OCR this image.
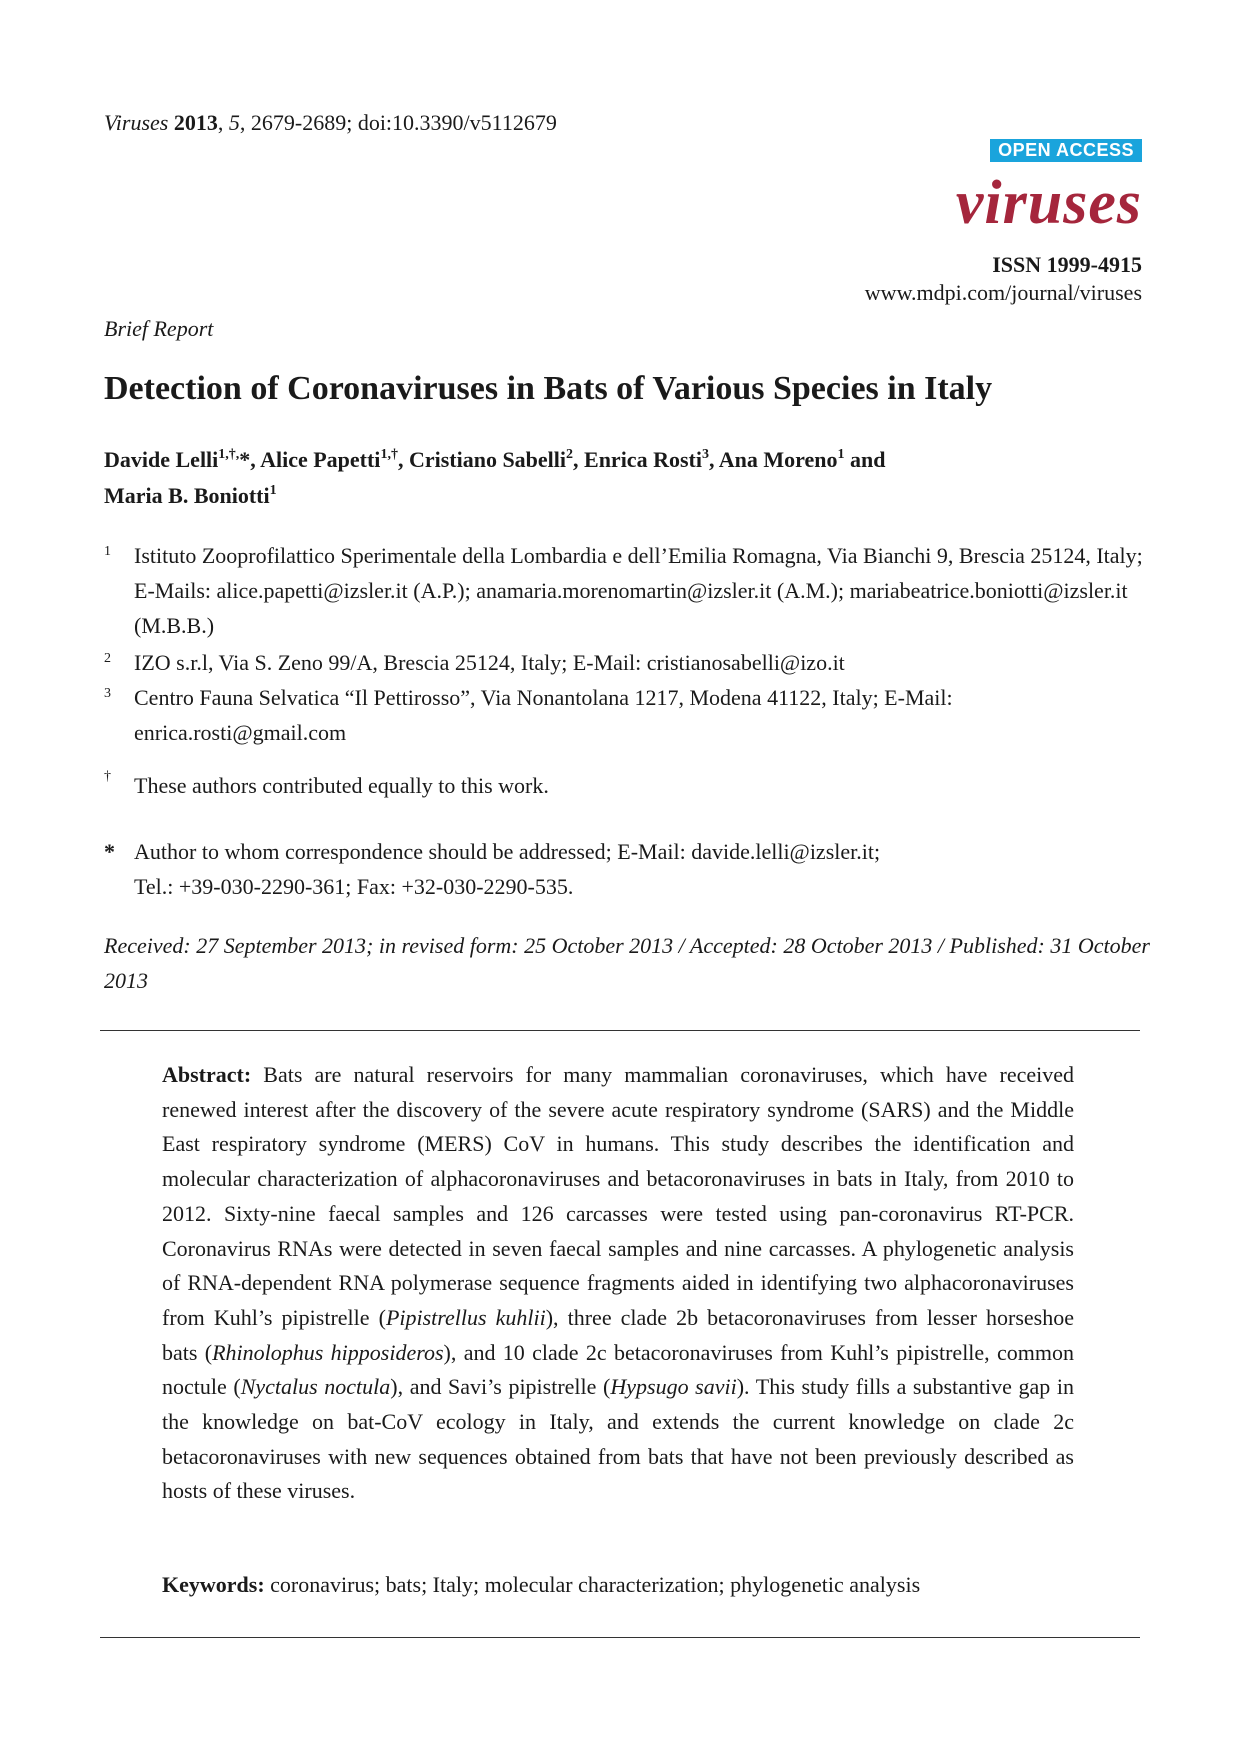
Viruses 2013, 5, 2679-2689; doi:10.3390/v5112679
OPEN ACCESS
viruses
ISSN 1999-4915
www.mdpi.com/journal/viruses
Brief Report
Detection of Coronaviruses in Bats of Various Species in Italy
Davide Lelli$^{1,\dagger,}$*, Alice Papetti$^{1,\dagger}$, Cristiano Sabelli$^2$, Enrica Rosti$^3$, Ana Moreno$^1$ and
Maria B. Boniotti$^1$
1 Istituto Zooprofilattico Sperimentale della Lombardia e dell’Emilia Romagna, Via Bianchi 9, Brescia 25124, Italy; E-Mails: alice.papetti@izsler.it (A.P.); anamaria.morenomartin@izsler.it (A.M.); mariabeatrice.boniotti@izsler.it (M.B.B.)
2 IZO s.r.l, Via S. Zeno 99/A, Brescia 25124, Italy; E-Mail: cristianosabelli@izo.it
3 Centro Fauna Selvatica “Il Pettirosso”, Via Nonantolana 1217, Modena 41122, Italy; E-Mail: enrica.rosti@gmail.com
† These authors contributed equally to this work.
* Author to whom correspondence should be addressed; E-Mail: davide.lelli@izsler.it;
Tel.: +39-030-2290-361; Fax: +32-030-2290-535.
Received: 27 September 2013; in revised form: 25 October 2013 / Accepted: 28 October 2013 / Published: 31 October 2013
Abstract: Bats are natural reservoirs for many mammalian coronaviruses, which have received renewed interest after the discovery of the severe acute respiratory syndrome (SARS) and the Middle East respiratory syndrome (MERS) CoV in humans. This study describes the identification and molecular characterization of alphacoronaviruses and betacoronaviruses in bats in Italy, from 2010 to 2012. Sixty-nine faecal samples and 126 carcasses were tested using pan-coronavirus RT-PCR. Coronavirus RNAs were detected in seven faecal samples and nine carcasses. A phylogenetic analysis of RNA-dependent RNA polymerase sequence fragments aided in identifying two alphacoronaviruses from Kuhl’s pipistrelle (Pipistrellus kuhlii), three clade 2b betacoronaviruses from lesser horseshoe bats (Rhinolophus hipposideros), and 10 clade 2c betacoronaviruses from Kuhl’s pipistrelle, common noctule (Nyctalus noctula), and Savi’s pipistrelle (Hypsugo savii). This study fills a substantive gap in the knowledge on bat-CoV ecology in Italy, and extends the current knowledge on clade 2c betacoronaviruses with new sequences obtained from bats that have not been previously described as hosts of these viruses.
Keywords: coronavirus; bats; Italy; molecular characterization; phylogenetic analysis
